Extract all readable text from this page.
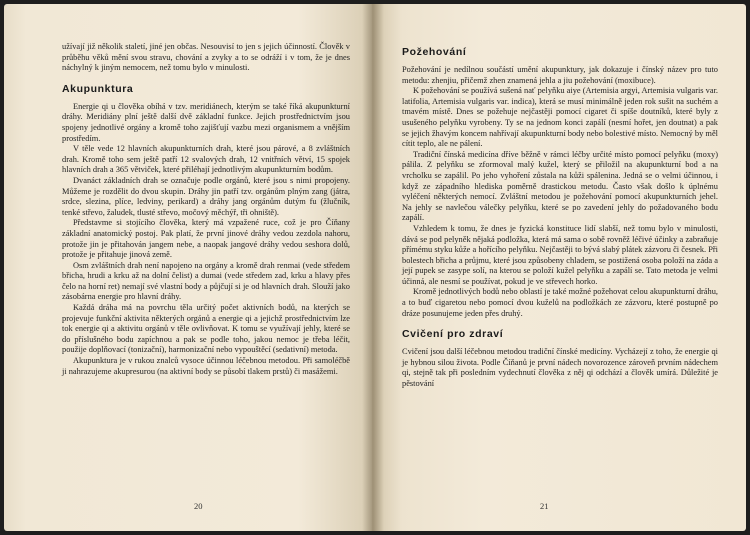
užívají již několik staletí, jiné jen občas. Nesouvisí to jen s jejich účinností. Člověk v průběhu věků mění svou stravu, chování a zvyky a to se odráží i v tom, že je dnes náchylný k jiným nemocem, než tomu bylo v minulosti.

Akupunktura

Energie qi u člověka obíhá v tzv. meridiánech, kterým se také říká akupunkturní dráhy. Meridiány plní ještě další dvě základní funkce. Jejich prostřednictvím jsou spojeny jednotlivé orgány a kromě toho zajišťují vazbu mezi organismem a vnějším prostředím.

V těle vede 12 hlavních akupunkturních drah, které jsou párové, a 8 zvláštních drah. Kromě toho sem ještě patří 12 svalových drah, 12 vnitřních větví, 15 spojek hlavních drah a 365 větviček, které přiléhají jednotlivým akupunkturním bodům.

Dvanáct základních drah se označuje podle orgánů, které jsou s nimi propojeny. Můžeme je rozdělit do dvou skupin. Dráhy jin patří tzv. orgánům plným zang (játra, srdce, slezina, plíce, ledviny, perikard) a dráhy jang orgánům dutým fu (žlučník, tenké střevo, žaludek, tlusté střevo, močový měchýř, tři ohniště).

Představme si stojícího člověka, který má vzpažené ruce, což je pro Číňany základní anatomický postoj. Pak platí, že první jinové dráhy vedou zezdola nahoru, protože jin je přitahován jangem nebe, a naopak jangové dráhy vedou seshora dolů, protože je přitahuje jinová země.

Osm zvláštních drah není napojeno na orgány a kromě drah renmai (vede středem břicha, hrudi a krku až na dolní čelist) a dumai (vede středem zad, krku a hlavy přes čelo na horní ret) nemají své vlastní body a půjčují si je od hlavních drah. Slouží jako zásobárna energie pro hlavní dráhy.

Každá dráha má na povrchu těla určitý počet aktivních bodů, na kterých se projevuje funkční aktivita některých orgánů a energie qi a jejichž prostřednictvím lze tok energie qi a aktivitu orgánů v těle ovlivňovat. K tomu se využívají jehly, které se do příslušného bodu zapíchnou a pak se podle toho, jakou nemoc je třeba léčit, použije doplňovací (tonizační), harmonizační nebo vypouštěcí (sedativní) metoda.

Akupunktura je v rukou znalců vysoce účinnou léčebnou metodou. Při samoléčbě ji nahrazujeme akupresurou (na aktivní body se působí tlakem prstů) či masážemi.

20
Požehování

Požehování je nedílnou součástí umění akupunktury, jak dokazuje i čínský název pro tuto metodu: zhenjiu, přičemž zhen znamená jehla a jiu požehování (moxibuce).

K požehování se používá sušená nať pelyňku aiye (Artemisia argyi, Artemisia vulgaris var. latifolia, Artemisia vulgaris var. indica), která se musí minimálně jeden rok sušit na suchém a tmavém místě. Dnes se požehuje nejčastěji pomocí cigaret či spíše doutníků, které byly z usušeného pelyňku vyrobeny. Ty se na jednom konci zapálí (nesmí hořet, jen doutnat) a pak se jejich žhavým koncem nahřívají akupunkturní body nebo bolestivé místo. Nemocný by měl cítit teplo, ale ne pálení.

Tradiční čínská medicína dříve běžně v rámci léčby určité místo pomocí pelyňku (moxy) pálila. Z pelyňku se zformoval malý kužel, který se přiložil na akupunkturní bod a na vrcholku se zapálil. Po jeho vyhoření zůstala na kůži spálenina. Jedná se o velmi účinnou, i když ze západního hlediska poměrně drastickou metodu. Často však došlo k úplnému vyléčení některých nemocí. Zvláštní metodou je požehování pomocí akupunkturních jehel. Na jehly se navlečou válečky pelyňku, které se po zavedení jehly do požadovaného bodu zapálí.

Vzhledem k tomu, že dnes je fyzická konstituce lidí slabší, než tomu bylo v minulosti, dává se pod pelyněk nějaká podložka, která má sama o sobě rovněž léčivé účinky a zabraňuje přímému styku kůže a hořícího pelyňku. Nejčastěji to bývá slabý plátek zázvoru či česnek. Při bolestech břicha a průjmu, které jsou způsobeny chladem, se postižená osoba položí na záda a její pupek se zasype solí, na kterou se položí kužel pelyňku a zapálí se. Tato metoda je velmi účinná, ale nesmí se používat, pokud je ve střevech horko.

Kromě jednotlivých bodů nebo oblastí je také možné požehovat celou akupunkturní dráhu, a to buď cigaretou nebo pomocí dvou kuželů na podložkách ze zázvoru, které postupně po dráze posunujeme jeden přes druhý.

Cvičení pro zdraví

Cvičení jsou další léčebnou metodou tradiční čínské medicíny. Vycházejí z toho, že energie qi je hybnou silou života. Podle Číňanů je první nádech novorozence zároveň prvním nádechem qi, stejně tak při posledním vydechnutí člověka z něj qi odchází a člověk umírá. Důležité je pěstování

21
